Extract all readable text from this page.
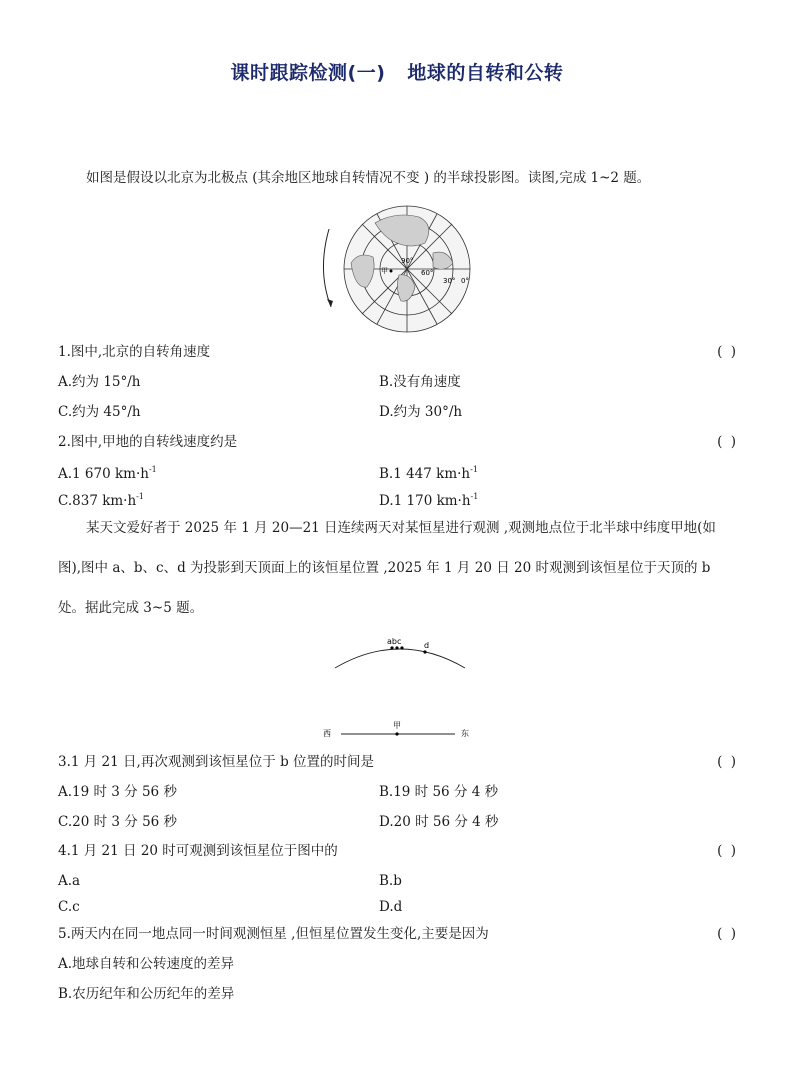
课时跟踪检测(一) 地球的自转和公转
如图是假设以北京为北极点 (其余地区地球自转情况不变 ) 的半球投影图。读图,完成 1~2 题。
甲
90°
60°
30° 0°
1.图中,北京的自转角速度	( )
A.约为 15°/h	B.没有角速度
C.约为 45°/h	D.约为 30°/h
2.图中,甲地的自转线速度约是	( )
A.1 670 $km\cdot h^{-1}$	B.1 447 $km\cdot h^{-1}$
C.837 $km\cdot h^{-1}$	D.1 170 $km\cdot h^{-1}$
某天文爱好者于 2025 年 1 月 20—21 日连续两天对某恒星进行观测 ,观测地点位于北半球中纬度甲地(如图),图中 a、b、c、d 为投影到天顶面上的该恒星位置 ,2025 年 1 月 20 日 20 时观测到该恒星位于天顶的 b 处。据此完成 3~5 题。
abc	d
甲
西	东
3.1 月 21 日,再次观测到该恒星位于 b 位置的时间是	( )
A.19 时 3 分 56 秒	B.19 时 56 分 4 秒
C.20 时 3 分 56 秒	D.20 时 56 分 4 秒
4.1 月 21 日 20 时可观测到该恒星位于图中的	( )
A.a	B.b
C.c	D.d
5.两天内在同一地点同一时间观测恒星 ,但恒星位置发生变化,主要是因为	( )
A.地球自转和公转速度的差异
B.农历纪年和公历纪年的差异
